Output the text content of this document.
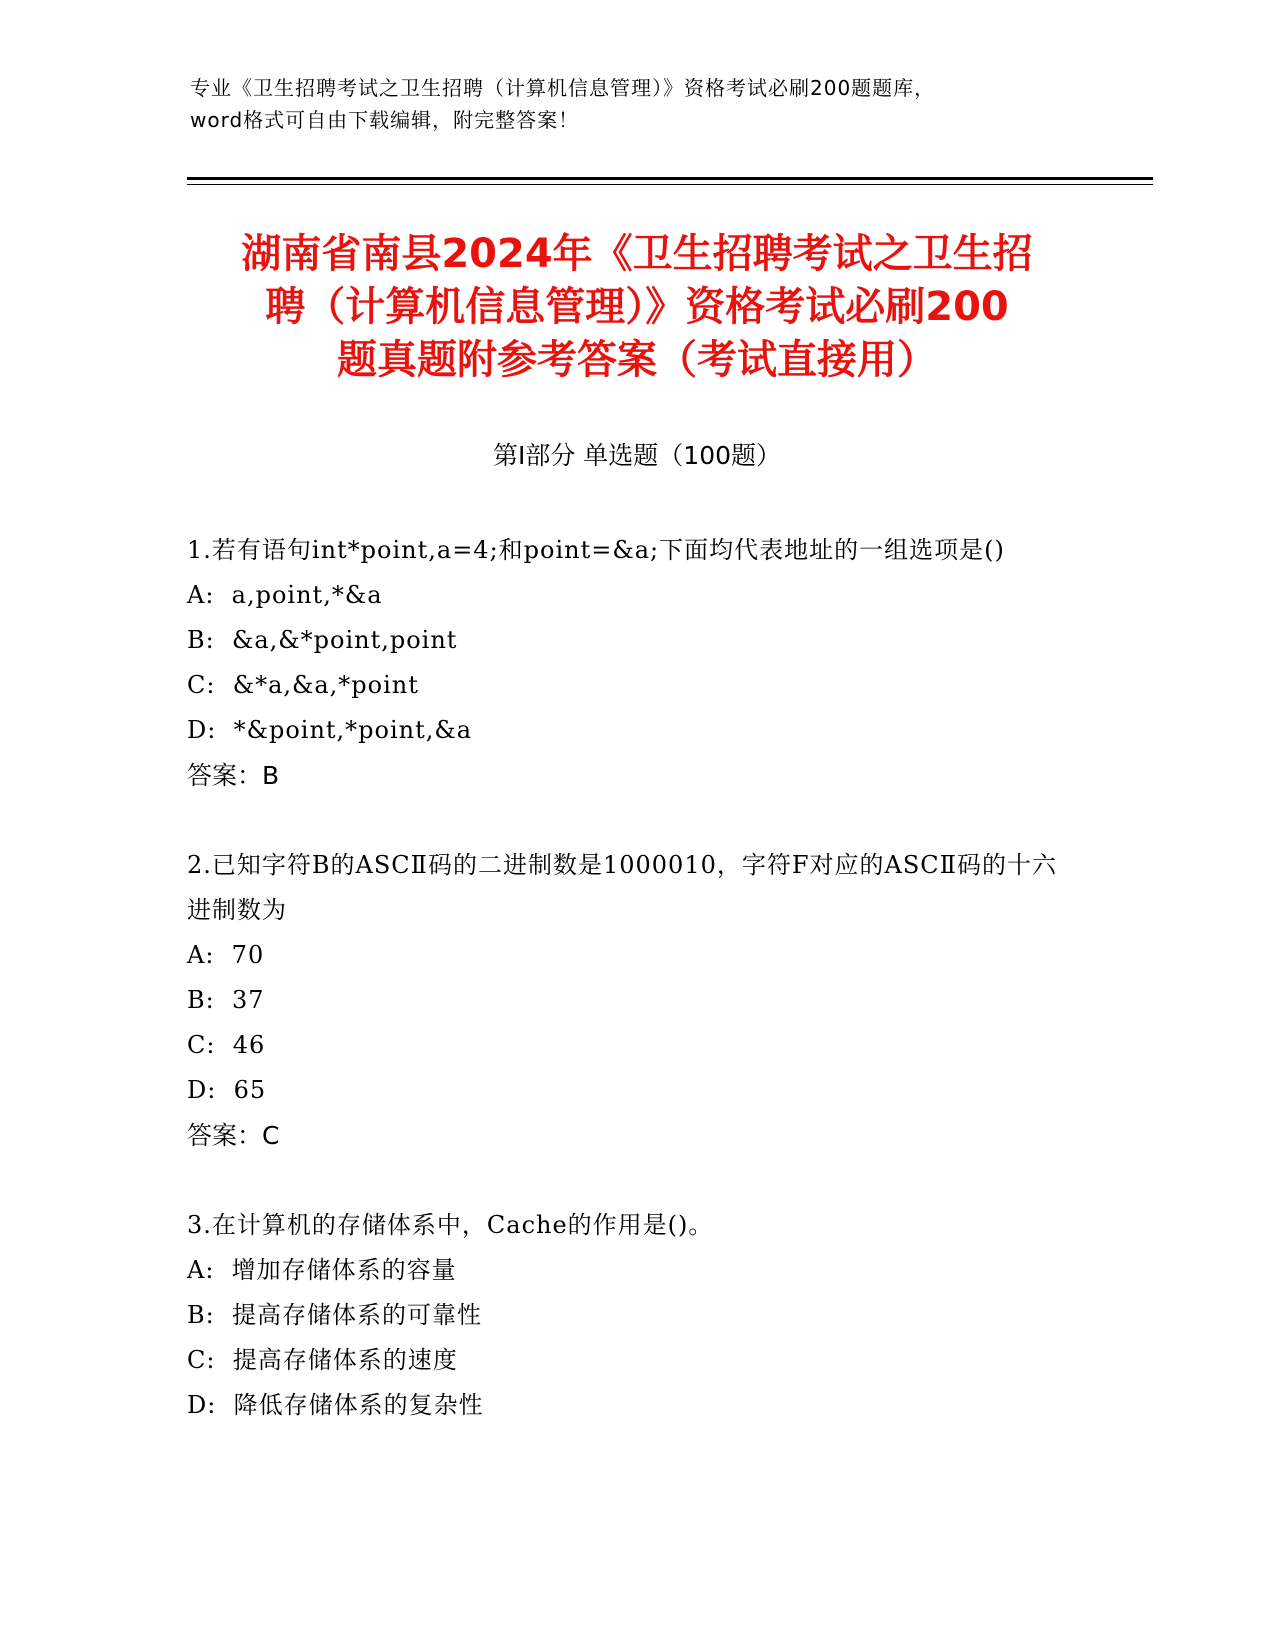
专业《卫生招聘考试之卫生招聘（计算机信息管理）》资格考试必刷200题题库，
word格式可自由下载编辑，附完整答案！
湖南省南县2024年《卫生招聘考试之卫生招
聘（计算机信息管理）》资格考试必刷200
题真题附参考答案（考试直接用）
第Ⅰ部分 单选题（100题）
1.若有语句int*point,a=4;和point=&a;下面均代表地址的一组选项是()
A:  a,point,*&a
B:  &a,&*point,point
C:  &*a,&a,*point
D:  *&point,*point,&a
答案：B
2.已知字符B的ASCⅡ码的二进制数是1000010，字符F对应的ASCⅡ码的十六进制数为
A:  70
B:  37
C:  46
D:  65
答案：C
3.在计算机的存储体系中，Cache的作用是()。
A:  增加存储体系的容量
B:  提高存储体系的可靠性
C:  提高存储体系的速度
D:  降低存储体系的复杂性
